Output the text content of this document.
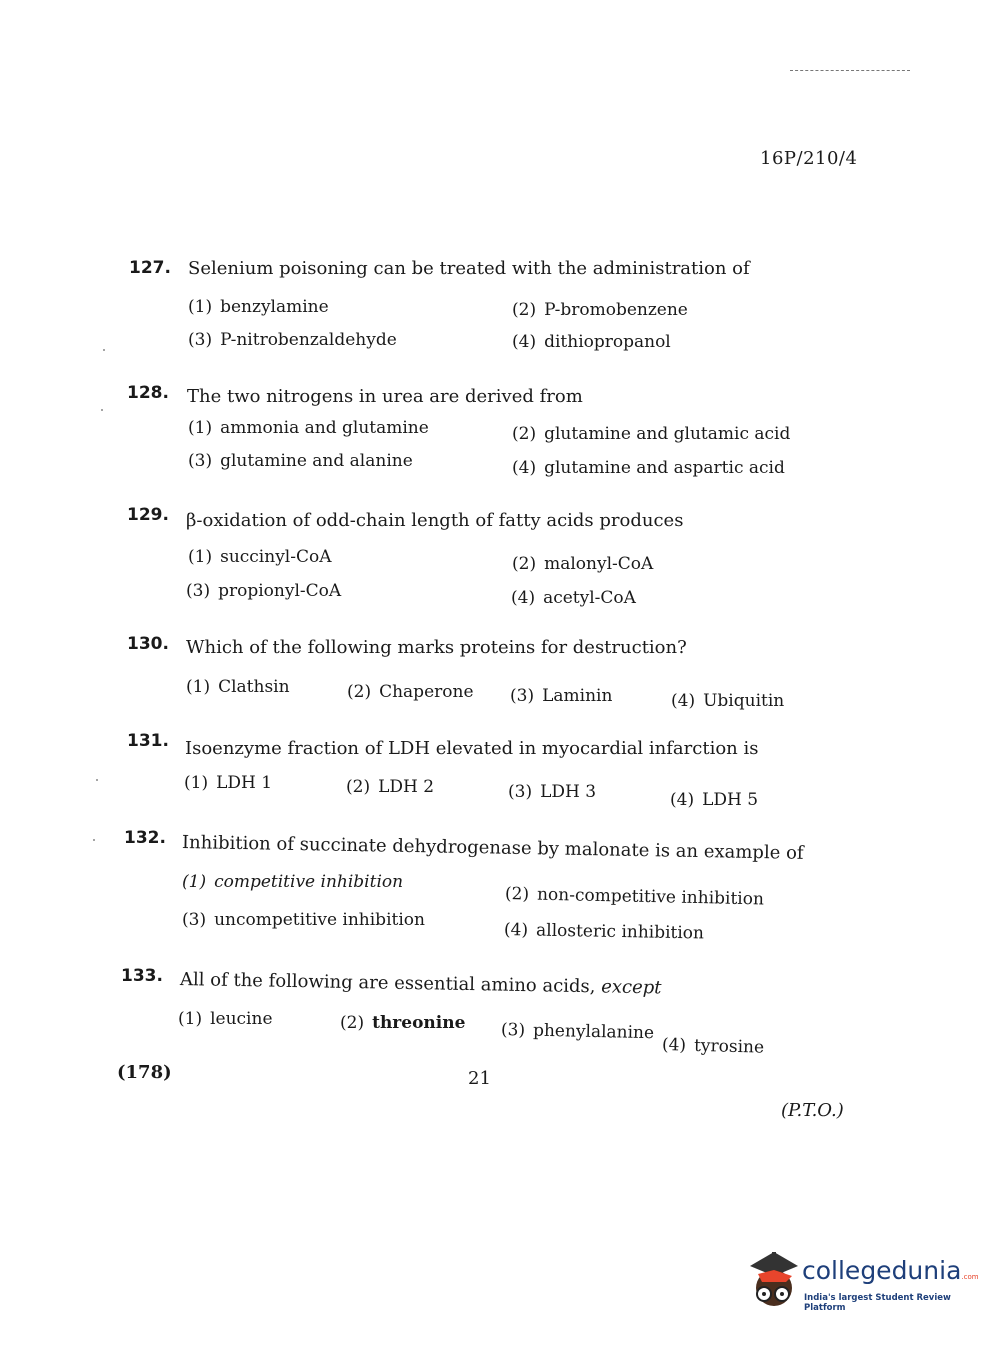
16P/210/4
127. Selenium poisoning can be treated with the administration of
(1) benzylamine	(2) P-bromobenzene
(3) P-nitrobenzaldehyde	(4) dithiopropanol
128. The two nitrogens in urea are derived from
(1) ammonia and glutamine	(2) glutamine and glutamic acid
(3) glutamine and alanine	(4) glutamine and aspartic acid
129. β-oxidation of odd-chain length of fatty acids produces
(1) succinyl-CoA	(2) malonyl-CoA
(3) propionyl-CoA	(4) acetyl-CoA
130. Which of the following marks proteins for destruction?
(1) Clathsin	(2) Chaperone (3) Laminin	(4) Ubiquitin
131. Isoenzyme fraction of LDH elevated in myocardial infarction is
(1) LDH 1	(2) LDH 2	(3) LDH 3	(4) LDH 5
132. Inhibition of succinate dehydrogenase by malonate is an example of
(1) competitive inhibition
(2) non-competitive inhibition
(3) uncompetitive inhibition
(4) allosteric inhibition
133. All of the following are essential amino acids, except
(1) leucine	(2) threonine (3) phenylalanine
(4) tyrosine
(178)	21
(P.T.O.)
collegedunia.com
India's largest Student Review Platform
